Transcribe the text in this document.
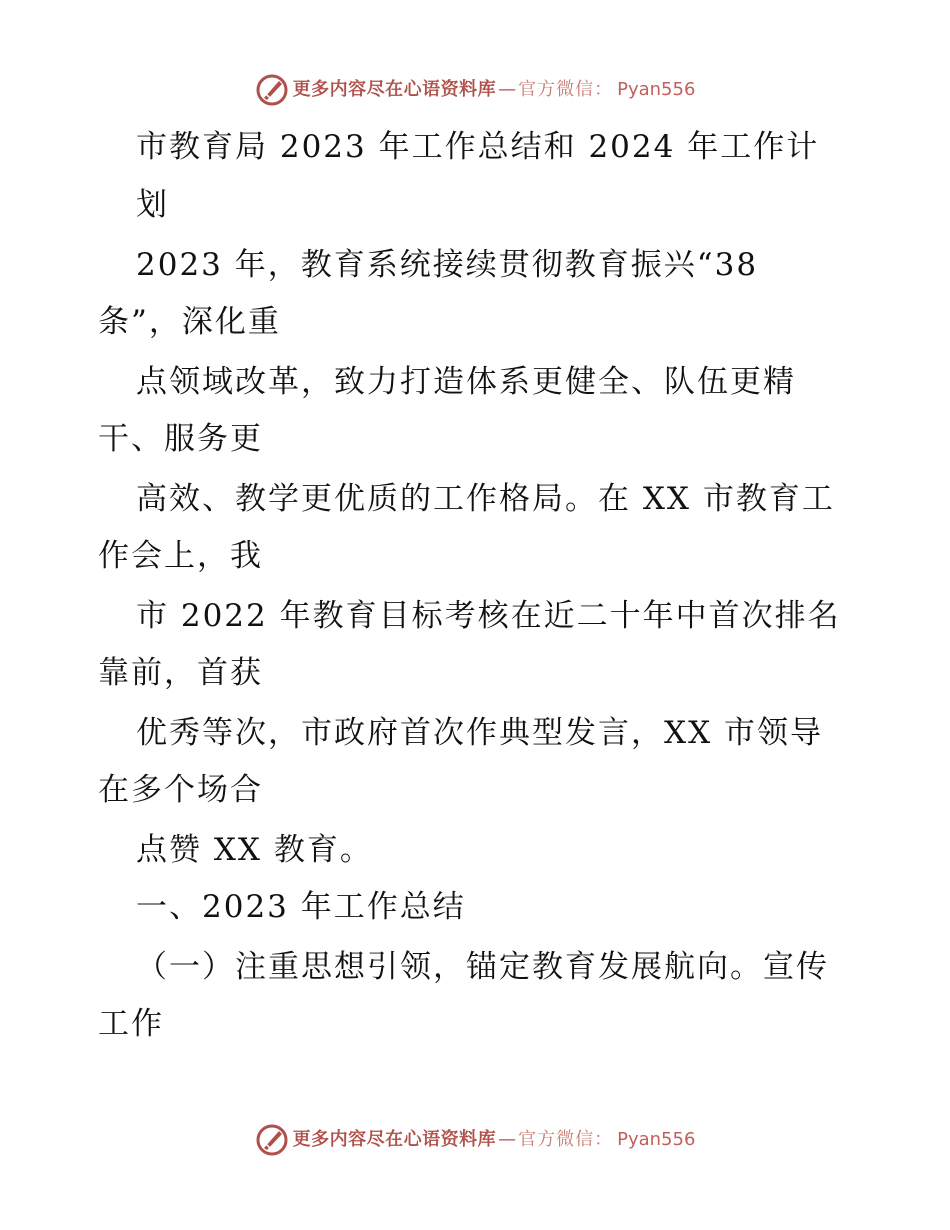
更多内容尽在心语资料库 — 官方微信： Pyan556
市教育局 2023 年工作总结和 2024 年工作计
划
2023 年，教育系统接续贯彻教育振兴“38
条”，深化重
点领域改革，致力打造体系更健全、队伍更精
干、服务更
高效、教学更优质的工作格局。在 XX 市教育工
作会上，我
市 2022 年教育目标考核在近二十年中首次排名
靠前，首获
优秀等次，市政府首次作典型发言，XX 市领导
在多个场合
点赞 XX 教育。
一、2023 年工作总结
（一）注重思想引领，锚定教育发展航向。宣传
工作
更多内容尽在心语资料库 — 官方微信： Pyan556
